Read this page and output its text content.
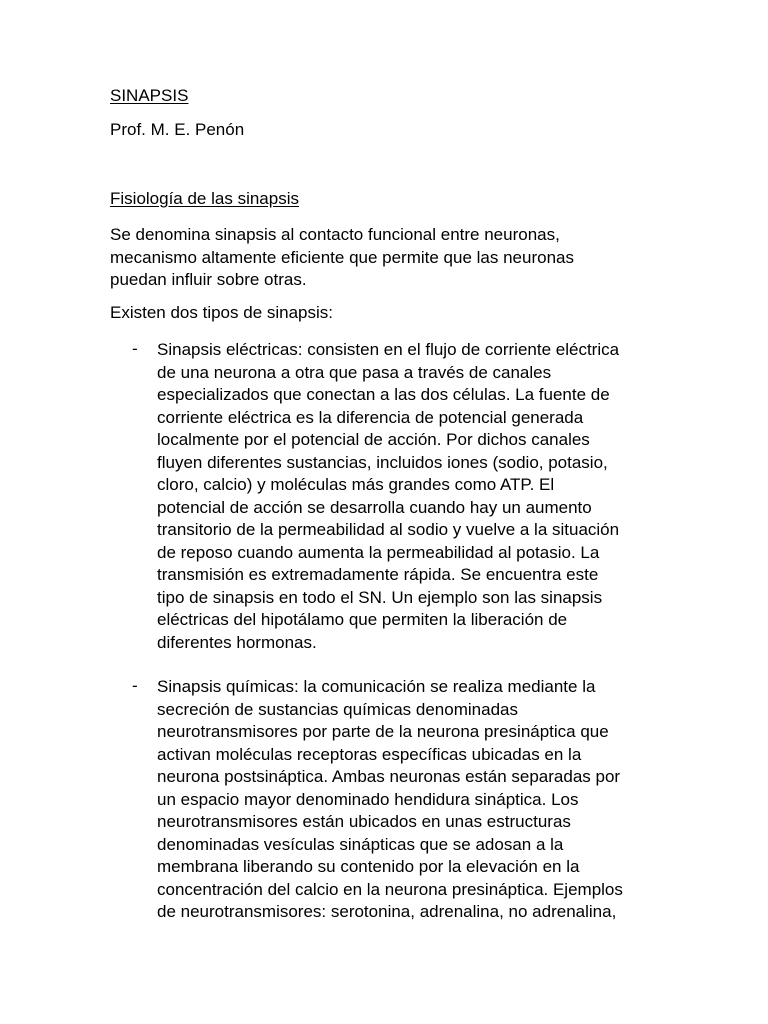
SINAPSIS
Prof. M. E. Penón
Fisiología de las sinapsis
Se denomina sinapsis al contacto funcional entre neuronas,
mecanismo altamente eficiente que permite que las neuronas
puedan influir sobre otras.
Existen dos tipos de sinapsis:
- Sinapsis eléctricas: consisten en el flujo de corriente eléctrica
de una neurona a otra que pasa a través de canales
especializados que conectan a las dos células. La fuente de
corriente eléctrica es la diferencia de potencial generada
localmente por el potencial de acción. Por dichos canales
fluyen diferentes sustancias, incluidos iones (sodio, potasio,
cloro, calcio) y moléculas más grandes como ATP. El
potencial de acción se desarrolla cuando hay un aumento
transitorio de la permeabilidad al sodio y vuelve a la situación
de reposo cuando aumenta la permeabilidad al potasio. La
transmisión es extremadamente rápida. Se encuentra este
tipo de sinapsis en todo el SN. Un ejemplo son las sinapsis
eléctricas del hipotálamo que permiten la liberación de
diferentes hormonas.
- Sinapsis químicas: la comunicación se realiza mediante la
secreción de sustancias químicas denominadas
neurotransmisores por parte de la neurona presináptica que
activan moléculas receptoras específicas ubicadas en la
neurona postsináptica. Ambas neuronas están separadas por
un espacio mayor denominado hendidura sináptica. Los
neurotransmisores están ubicados en unas estructuras
denominadas vesículas sinápticas que se adosan a la
membrana liberando su contenido por la elevación en la
concentración del calcio en la neurona presináptica. Ejemplos
de neurotransmisores: serotonina, adrenalina, no adrenalina,
